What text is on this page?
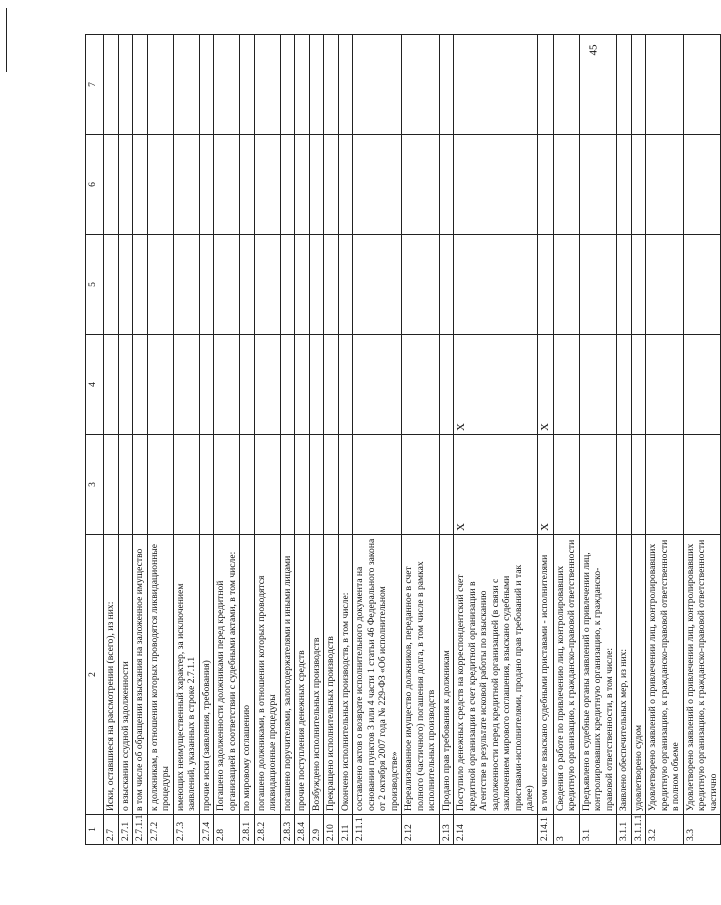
45
1	2	3	4	5	6	7
2.7	Иски, оставшиеся на рассмотрении (всего), из них:					
2.7.1	о взыскании ссудной задолженности					
2.7.1.1	в том числе об обращении взыскания на заложенное имущество					
2.7.2	к должникам, в отношении которых проводятся ликвидационные процедуры					
2.7.3	имеющих неимущественный характер, за исключением заявлений, указанных в строке 2.7.1.1					
2.7.4	прочие иски (заявления, требования)					
2.8	Погашено задолженности должниками перед кредитной организацией в соответствии с судебными актами, в том числе:					
2.8.1	по мировому соглашению					
2.8.2	погашено должниками, в отношении которых проводятся ликвидационные процедуры					
2.8.3	погашено поручителями, залогодержателями и иными лицами					
2.8.4	прочие поступления денежных средств					
2.9	Возбуждено исполнительных производств					
2.10	Прекращено исполнительных производств					
2.11	Окончено исполнительных производств, в том числе:					
2.11.1	составлено актов о возврате исполнительного документа на основании пунктов 3 или 4 части 1 статьи 46 Федерального закона от 2 октября 2007 года № 229-ФЗ «Об исполнительном производстве»					
2.12	Нереализованное имущество должников, переданное в счет полного (частичного) погашения долга, в том числе в рамках исполнительных производств					
2.13	Продано прав требования к должникам					
2.14	Поступило денежных средств на корреспондентский счет кредитной организации в счет кредитной организации в Агентстве в результате исковой работы по взысканию задолженности перед кредитной организацией (в связи с заключением мирового соглашения, взыскано судебными приставами-исполнителями, продано прав требований и так далее)	X	X			
2.14.1	в том числе взыскано судебными приставами - исполнителями	X	X			
3	Сведения о работе по привлечению лиц, контролировавших кредитную организацию, к гражданско-правовой ответственности					
3.1	Предъявлено в судебные органы заявлений о привлечении лиц, контролировавших кредитную организацию, к гражданско-правовой ответственности, в том числе:					
3.1.1	Заявлено обеспечительных мер, из них:					
3.1.1.1	удовлетворено судом					
3.2	Удовлетворено заявлений о привлечении лиц, контролировавших кредитную организацию, к гражданско-правовой ответственности в полном объеме					
3.3	Удовлетворено заявлений о привлечении лиц, контролировавших кредитную организацию, к гражданско-правовой ответственности частично					
